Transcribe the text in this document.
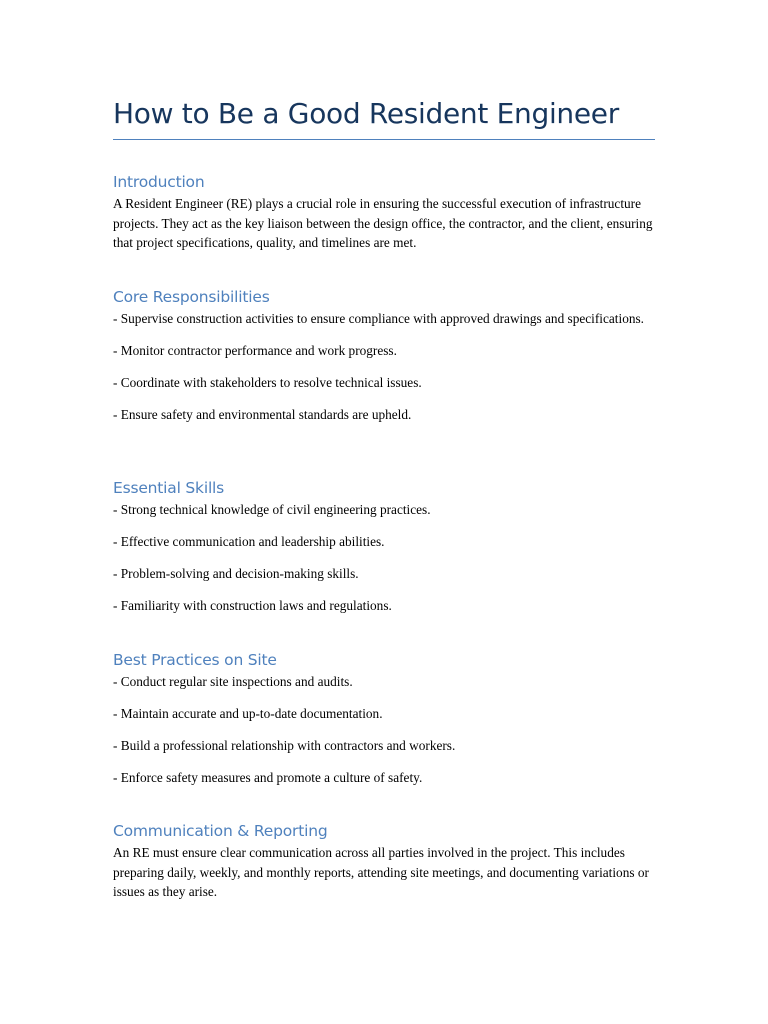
How to Be a Good Resident Engineer
Introduction

A Resident Engineer (RE) plays a crucial role in ensuring the successful execution of infrastructure projects. They act as the key liaison between the design office, the contractor, and the client, ensuring that project specifications, quality, and timelines are met.

Core Responsibilities

- Supervise construction activities to ensure compliance with approved drawings and specifications.

- Monitor contractor performance and work progress.

- Coordinate with stakeholders to resolve technical issues.

- Ensure safety and environmental standards are upheld.

Essential Skills

- Strong technical knowledge of civil engineering practices.

- Effective communication and leadership abilities.

- Problem-solving and decision-making skills.

- Familiarity with construction laws and regulations.

Best Practices on Site

- Conduct regular site inspections and audits.

- Maintain accurate and up-to-date documentation.

- Build a professional relationship with contractors and workers.

- Enforce safety measures and promote a culture of safety.

Communication & Reporting

An RE must ensure clear communication across all parties involved in the project. This includes preparing daily, weekly, and monthly reports, attending site meetings, and documenting variations or issues as they arise.
